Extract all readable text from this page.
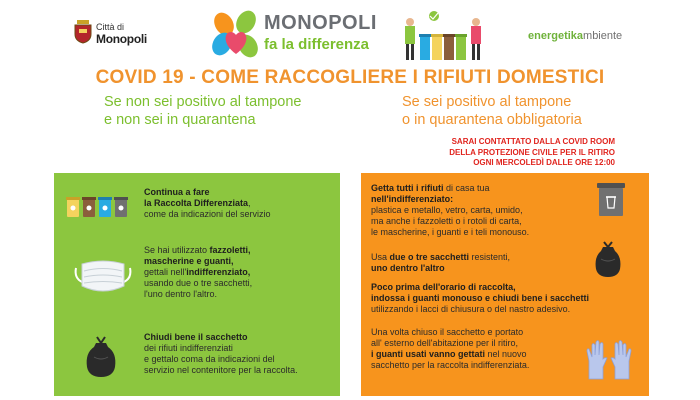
Città di
Monopoli
MONOPOLI
fa la differenza	energetikambiente
COVID 19 - COME RACCOGLIERE I RIFIUTI DOMESTICI
Se non sei positivo al tampone
e non sei in quarantena
Se sei positivo al tampone
o in quarantena obbligatoria
SARAI CONTATTATO DALLA COVID ROOM
DELLA PROTEZIONE CIVILE PER IL RITIRO
OGNI MERCOLEDÌ DALLE ORE 12:00
Continua a fare
la Raccolta Differenziata,
come da indicazioni del servizio
Se hai utilizzato fazzoletti,
mascherine e guanti,
gettali nell'indifferenziato,
usando due o tre sacchetti,
l'uno dentro l'altro.
Chiudi bene il sacchetto
dei rifiuti indifferenziati
e gettalo coma da indicazioni del
servizio nel contenitore per la raccolta.
Getta tutti i rifiuti di casa tua
nell'indifferenziato:
plastica e metallo, vetro, carta, umido,
ma anche i fazzoletti o i rotoli di carta,
le mascherine, i guanti e i teli monouso.
Usa due o tre sacchetti resistenti,
uno dentro l'altro
Poco prima dell'orario di raccolta,
indossa i guanti monouso e chiudi bene i sacchetti
utilizzando i lacci di chiusura o del nastro adesivo.
Una volta chiuso il sacchetto e portato
all' esterno dell'abitazione per il ritiro,
i guanti usati vanno gettati nel nuovo
sacchetto per la raccolta indifferenziata.
